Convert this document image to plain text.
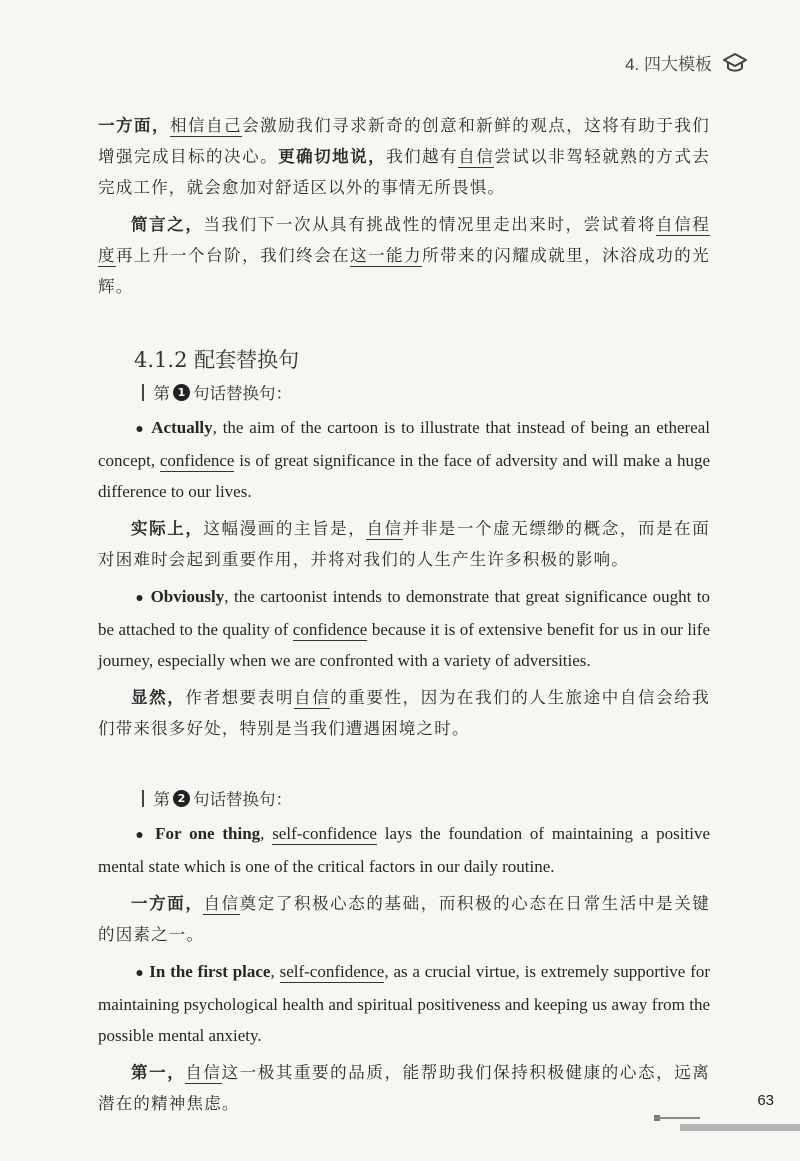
4. 四大模板

一方面，相信自己会激励我们寻求新奇的创意和新鲜的观点，这将有助于我们增强完成目标的决心。更确切地说，我们越有自信尝试以非驾轻就熟的方式去完成工作，就会愈加对舒适区以外的事情无所畏惧。

简言之，当我们下一次从具有挑战性的情况里走出来时，尝试着将自信程度再上升一个台阶，我们终会在这一能力所带来的闪耀成就里，沐浴成功的光辉。

4.1.2 配套替换句
第 1 句话替换句：

● Actually, the aim of the cartoon is to illustrate that instead of being an ethereal concept, confidence is of great significance in the face of adversity and will make a huge difference to our lives.

实际上，这幅漫画的主旨是，自信并非是一个虚无缥缈的概念，而是在面对困难时会起到重要作用，并将对我们的人生产生许多积极的影响。

● Obviously, the cartoonist intends to demonstrate that great significance ought to be attached to the quality of confidence because it is of extensive benefit for us in our life journey, especially when we are confronted with a variety of adversities.

显然，作者想要表明自信的重要性，因为在我们的人生旅途中自信会给我们带来很多好处，特别是当我们遭遇困境之时。

第 2 句话替换句：

● For one thing, self-confidence lays the foundation of maintaining a positive mental state which is one of the critical factors in our daily routine.

一方面，自信奠定了积极心态的基础，而积极的心态在日常生活中是关键的因素之一。

● In the first place, self-confidence, as a crucial virtue, is extremely supportive for maintaining psychological health and spiritual positiveness and keeping us away from the possible mental anxiety.

第一，自信这一极其重要的品质，能帮助我们保持积极健康的心态，远离潜在的精神焦虑。	63
